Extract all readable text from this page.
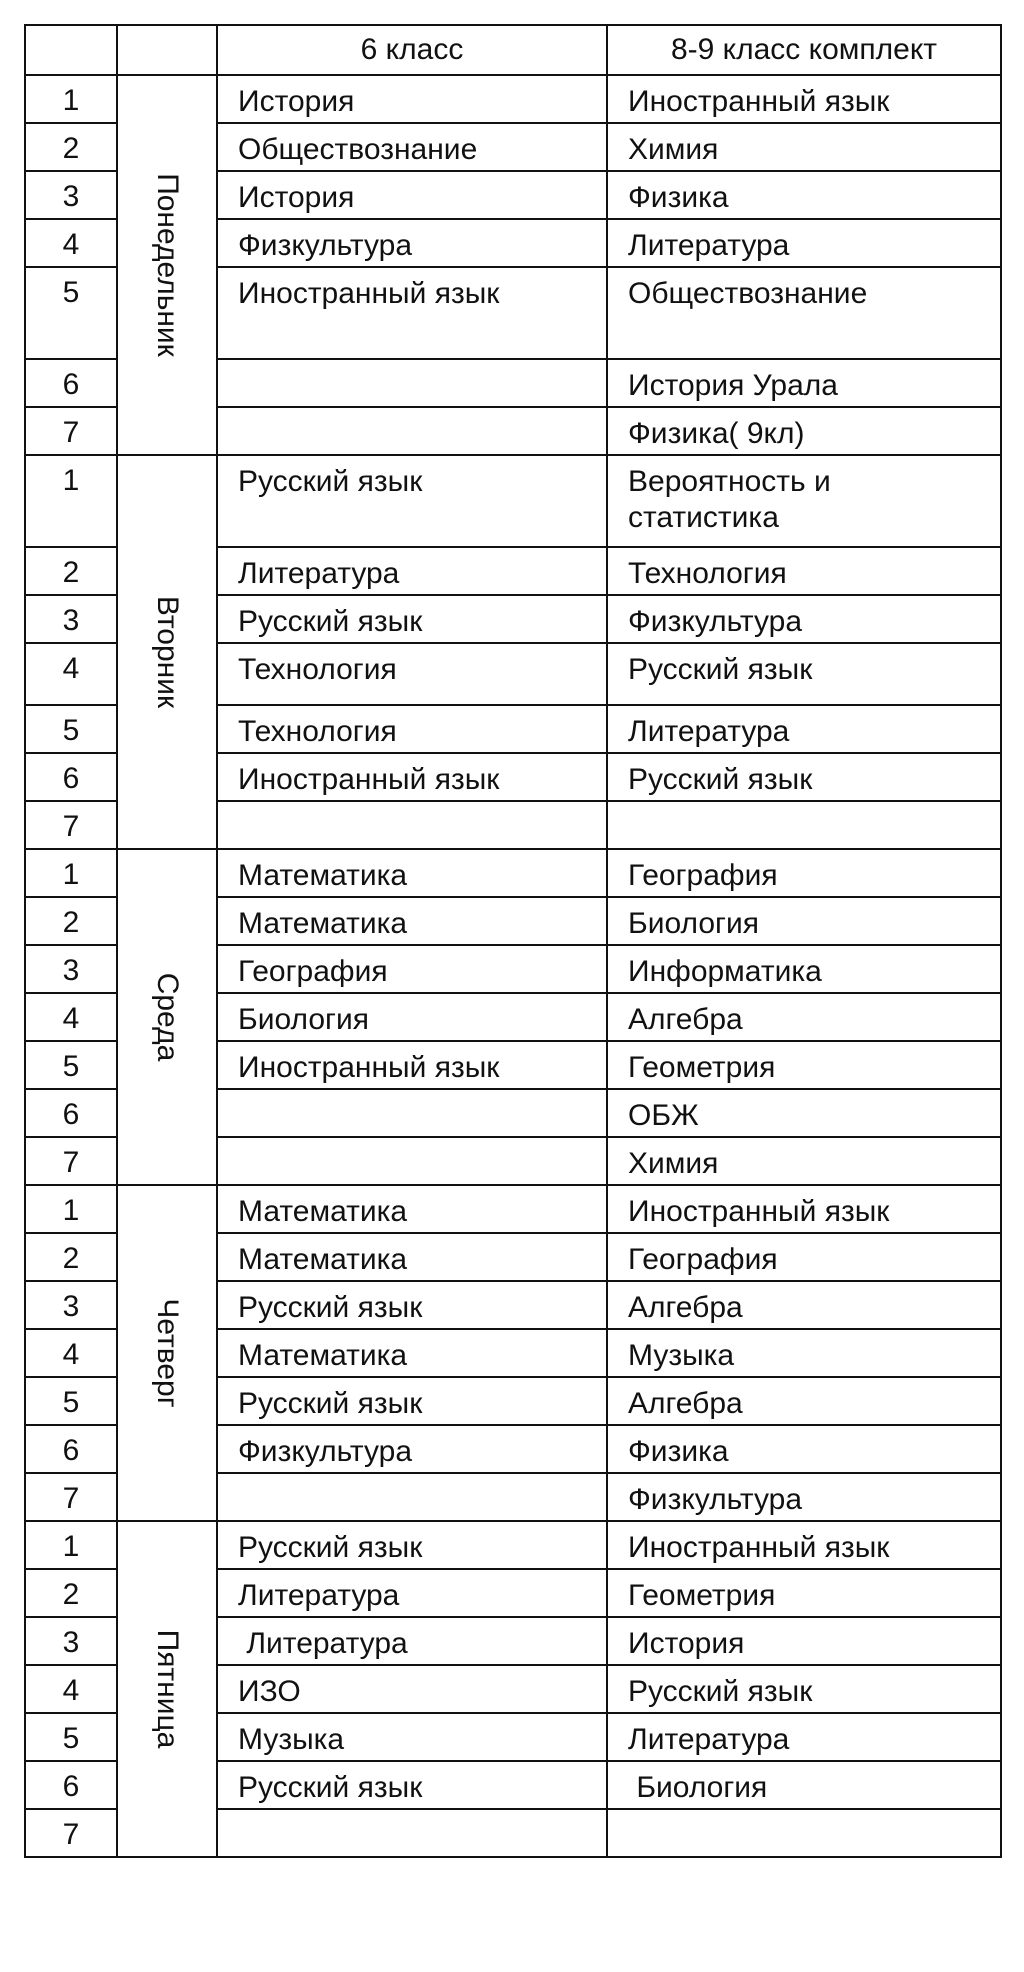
		6 класс	8-9 класс комплект

1	Понедельник	История	Иностранный язык

2		Обществознание	Химия

3		История	Физика

4		Физкультура	Литература

5		Иностранный язык	Обществознание

6			История Урала

7			Физика( 9кл)

1	Вторник	Русский язык	Вероятность и
статистика

2		Литература	Технология

3		Русский язык	Физкультура

4		Технология	Русский язык

5		Технология	Литература

6		Иностранный язык	Русский язык

7			

1	Среда	Математика	География

2		Математика	Биология

3		География	Информатика

4		Биология	Алгебра

5		Иностранный язык	Геометрия

6			ОБЖ

7			Химия

1	Четверг	Математика	Иностранный язык

2		Математика	География

3		Русский язык	Алгебра

4		Математика	Музыка

5		Русский язык	Алгебра

6		Физкультура	Физика

7			Физкультура

1	Пятница	Русский язык	Иностранный язык

2		Литература	Геометрия

3		Литература	История

4		ИЗО	Русский язык

5		Музыка	Литература

6		Русский язык	Биология

7			
